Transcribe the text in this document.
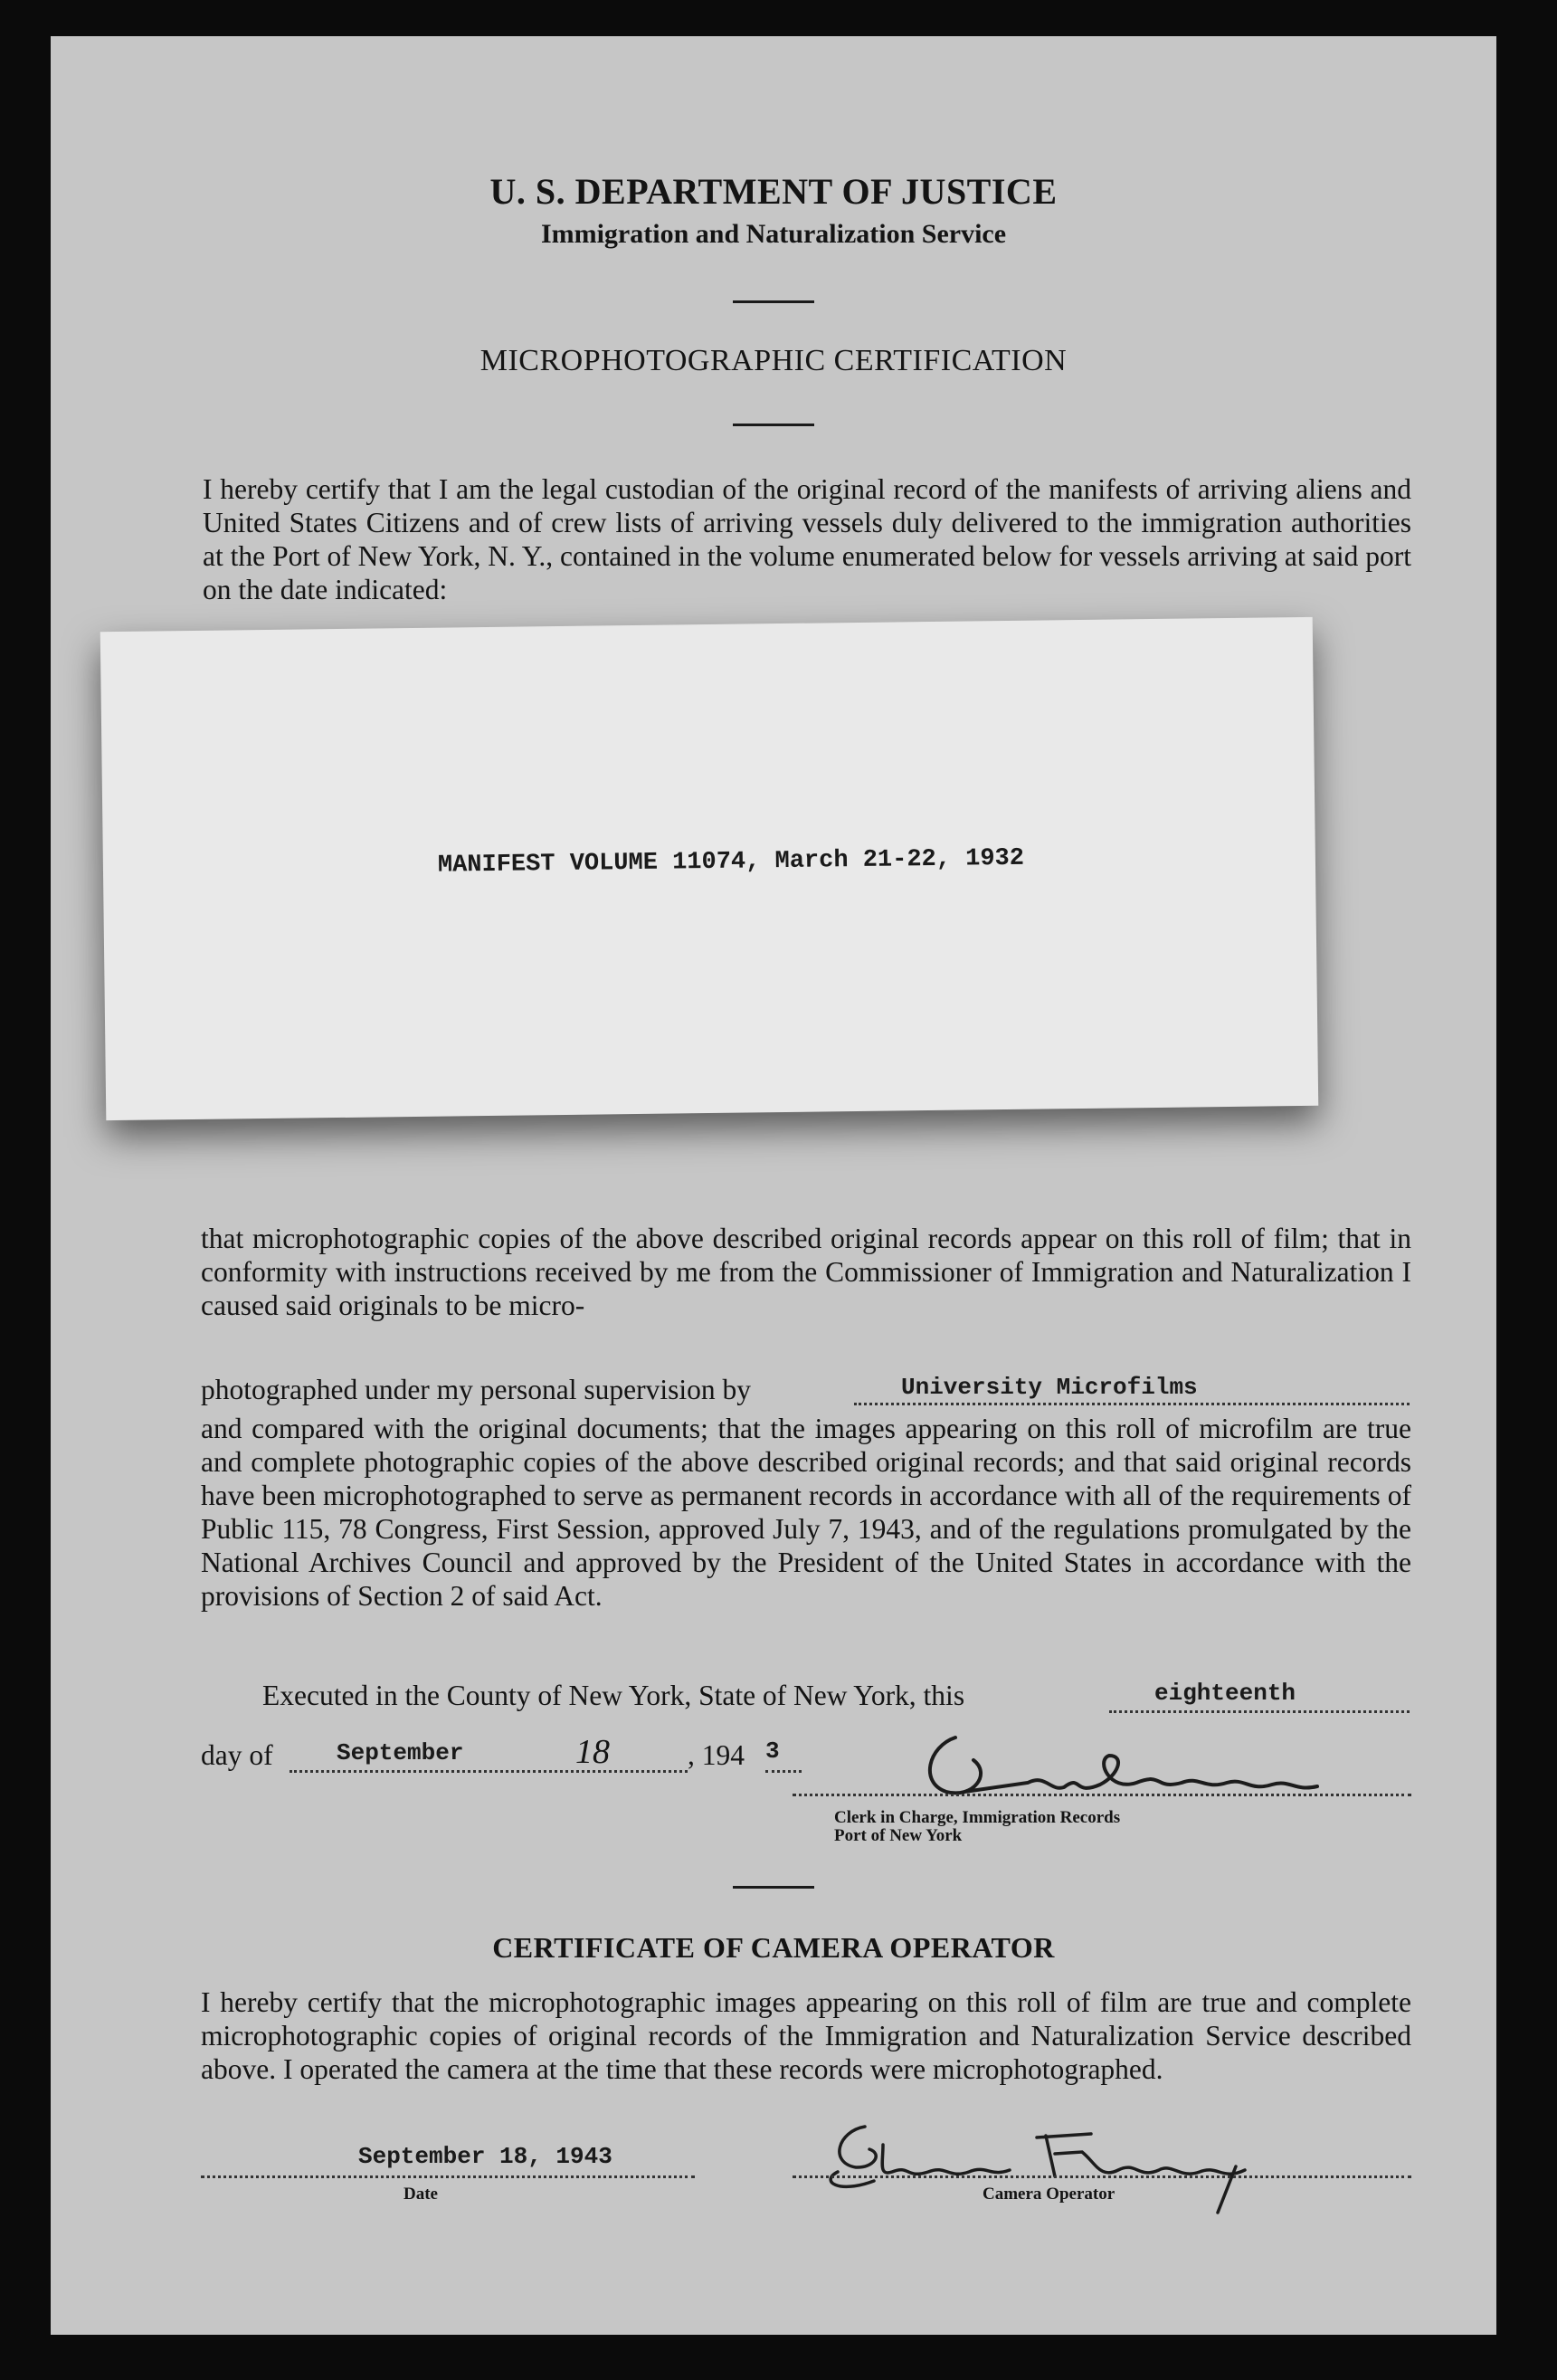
U. S. DEPARTMENT OF JUSTICE
Immigration and Naturalization Service
MICROPHOTOGRAPHIC CERTIFICATION
I hereby certify that I am the legal custodian of the original record of the manifests of arriving aliens and United States Citizens and of crew lists of arriving vessels duly delivered to the immigration authorities at the Port of New York, N. Y., contained in the volume enumerated below for vessels arriving at said port on the date indicated:
MANIFEST VOLUME 11074, March 21-22, 1932
that microphotographic copies of the above described original records appear on this roll of film; that in conformity with instructions received by me from the Commissioner of Immigration and Naturalization I caused said originals to be micro-
photographed under my personal supervision by	University Microfilms
and compared with the original documents; that the images appearing on this roll of microfilm are true and complete photographic copies of the above described original records; and that said original records have been microphotographed to serve as permanent records in accordance with all of the requirements of Public 115, 78 Congress, First Session, approved July 7, 1943, and of the regulations promulgated by the National Archives Council and approved by the President of the United States in accordance with the provisions of Section 2 of said Act.
Executed in the County of New York, State of New York, this	eighteenth
day of	September	18	, 194 3
Clerk in Charge, Immigration Records
Port of New York
CERTIFICATE OF CAMERA OPERATOR
I hereby certify that the microphotographic images appearing on this roll of film are true and complete microphotographic copies of original records of the Immigration and Naturalization Service described above. I operated the camera at the time that these records were microphotographed.
September 18, 1943
Date	Camera Operator
